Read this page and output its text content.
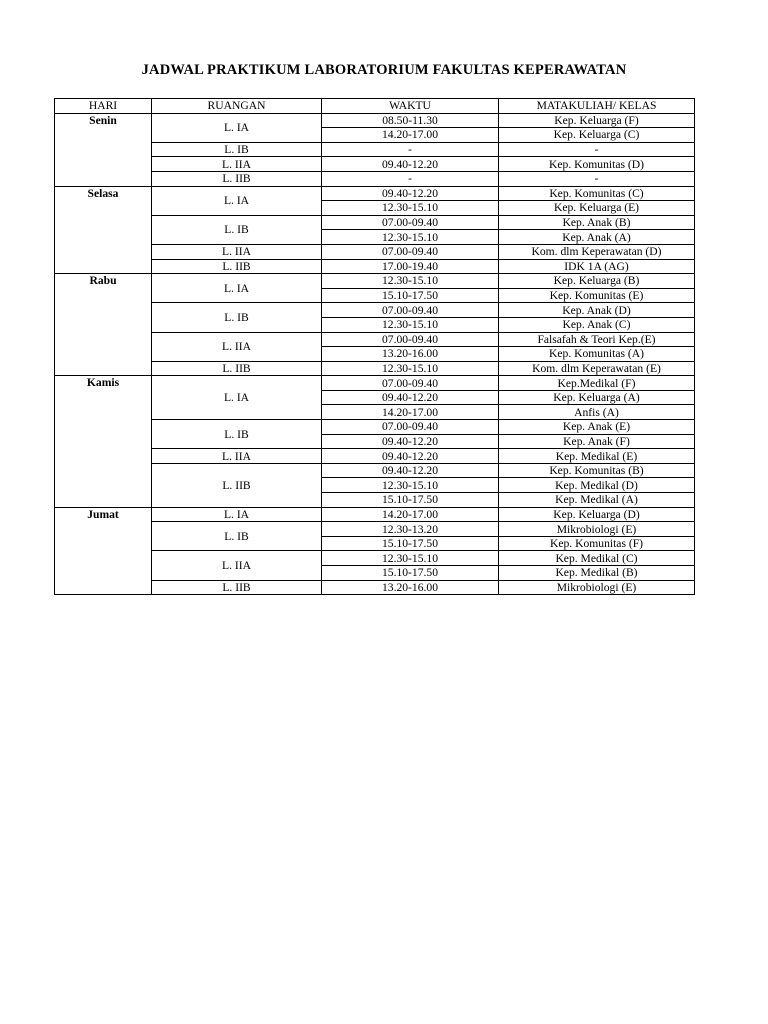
JADWAL PRAKTIKUM LABORATORIUM FAKULTAS KEPERAWATAN
HARI	RUANGAN	WAKTU	MATAKULIAH/ KELAS
Senin	L. IA	08.50-11.30	Kep. Keluarga (F)
		14.20-17.00	Kep. Keluarga (C)
	L. IB	-	-
	L. IIA	09.40-12.20	Kep. Komunitas (D)
	L. IIB	-	-
Selasa	L. IA	09.40-12.20	Kep. Komunitas (C)
		12.30-15.10	Kep. Keluarga (E)
	L. IB	07.00-09.40	Kep. Anak (B)
		12.30-15.10	Kep. Anak (A)
	L. IIA	07.00-09.40	Kom. dlm Keperawatan (D)
	L. IIB	17.00-19.40	IDK 1A (AG)
Rabu	L. IA	12.30-15.10	Kep. Keluarga (B)
		15.10-17.50	Kep. Komunitas (E)
	L. IB	07.00-09.40	Kep. Anak (D)
		12.30-15.10	Kep. Anak (C)
	L. IIA	07.00-09.40	Falsafah & Teori Kep.(E)
		13.20-16.00	Kep. Komunitas (A)
	L. IIB	12.30-15.10	Kom. dlm Keperawatan (E)
Kamis	L. IA	07.00-09.40	Kep.Medikal (F)
		09.40-12.20	Kep. Keluarga (A)
		14.20-17.00	Anfis (A)
	L. IB	07.00-09.40	Kep. Anak (E)
		09.40-12.20	Kep. Anak (F)
	L. IIA	09.40-12.20	Kep. Medikal (E)
	L. IIB	09.40-12.20	Kep. Komunitas (B)
		12.30-15.10	Kep. Medikal (D)
		15.10-17.50	Kep. Medikal (A)
Jumat	L. IA	14.20-17.00	Kep. Keluarga (D)
	L. IB	12.30-13.20	Mikrobiologi (E)
		15.10-17.50	Kep. Komunitas (F)
	L. IIA	12.30-15.10	Kep. Medikal (C)
		15.10-17.50	Kep. Medikal (B)
	L. IIB	13.20-16.00	Mikrobiologi (E)
